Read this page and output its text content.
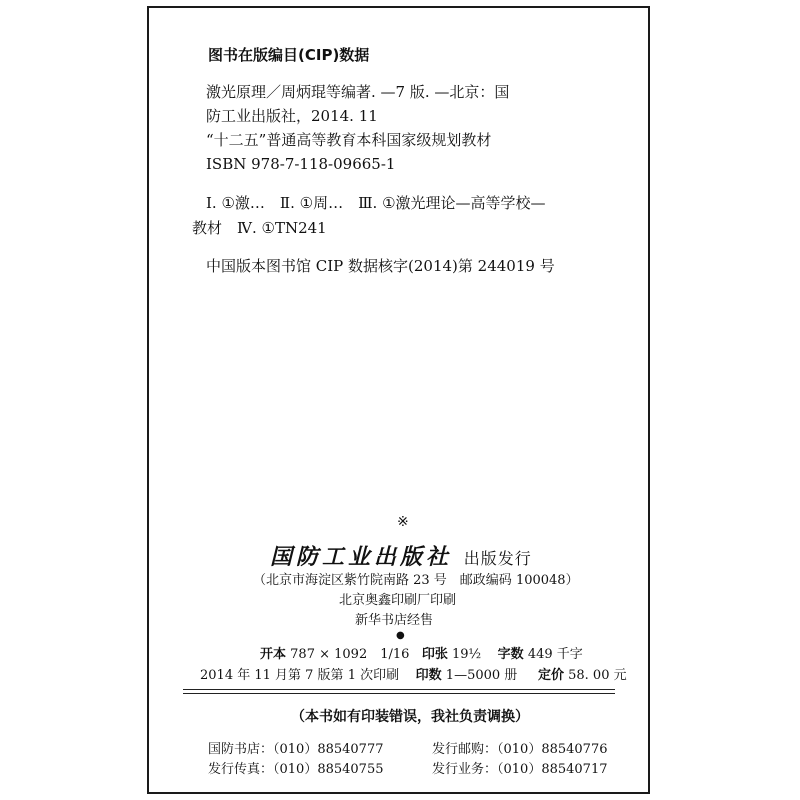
图书在版编目(CIP)数据
激光原理／周炳琨等编著. —7 版. —北京：国
防工业出版社，2014. 11
“十二五”普通高等教育本科国家级规划教材
ISBN 978-7-118-09665-1
Ⅰ. ①激…　Ⅱ. ①周…　Ⅲ. ①激光理论—高等学校—
教材　Ⅳ. ①TN241
中国版本图书馆 CIP 数据核字(2014)第 244019 号
※
国防工业出版社 出版发行
（北京市海淀区紫竹院南路 23 号　邮政编码 100048）
北京奥鑫印刷厂印刷
新华书店经售
●
开本 787 × 1092　1/16 印张 19½ 字数 449 千字
2014 年 11 月第 7 版第 1 次印刷 印数 1—5000 册 定价 58. 00 元
（本书如有印装错误，我社负责调换）
国防书店：（010）88540777	发行邮购：（010）88540776
发行传真：（010）88540755	发行业务：（010）88540717
